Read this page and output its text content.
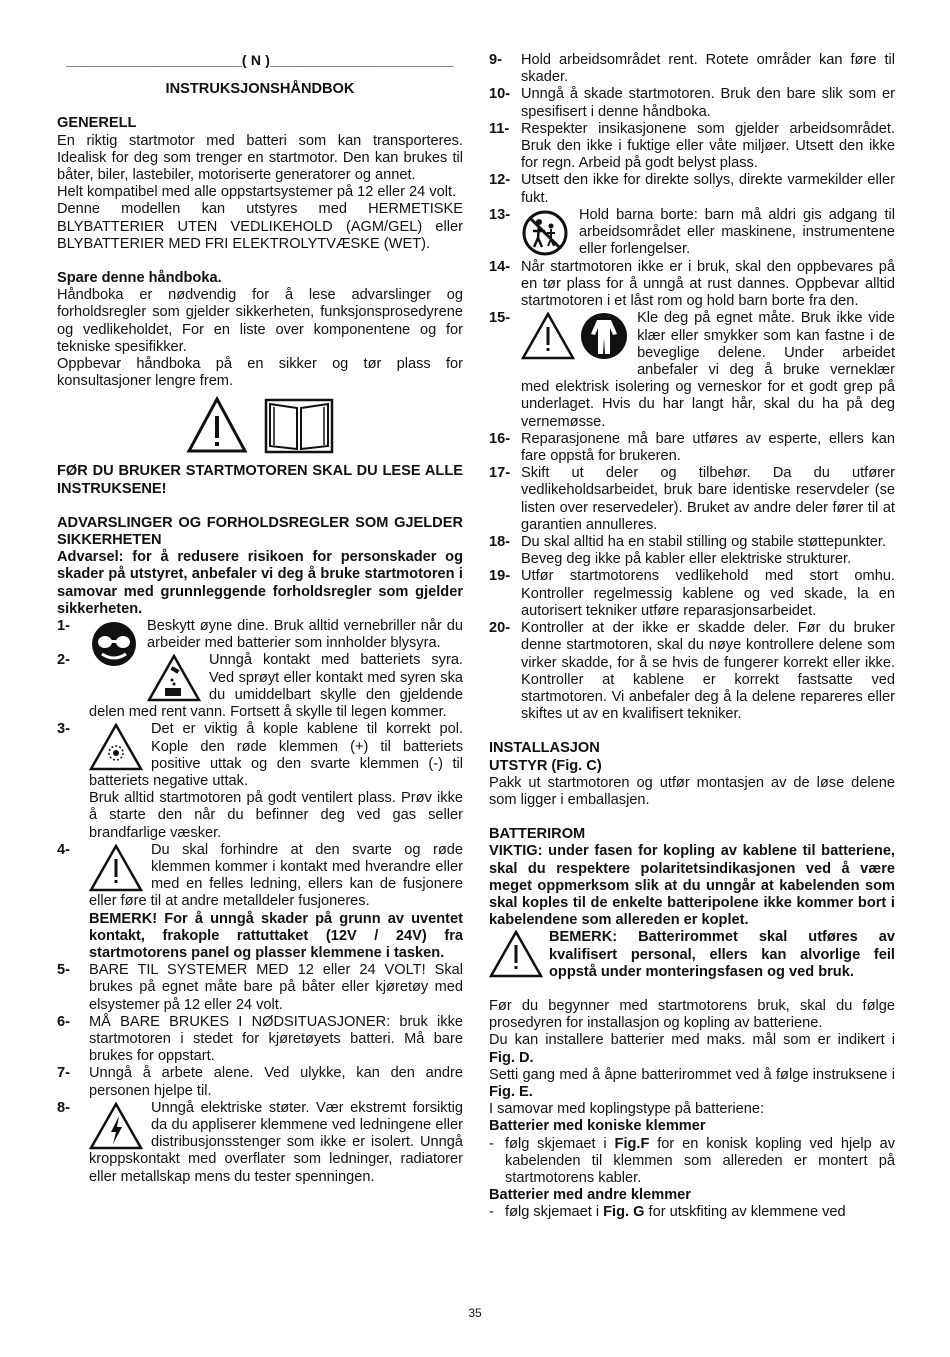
______________________( N )_______________________

INSTRUKSJONSHÅNDBOK

GENERELL

En riktig startmotor med batteri som kan transporteres. Idealisk for deg som trenger en startmotor. Den kan brukes til båter, biler, lastebiler, motoriserte generatorer og annet.

Helt kompatibel med alle oppstartsystemer på 12 eller 24 volt.

Denne modellen kan utstyres med HERMETISKE BLYBATTERIER UTEN VEDLIKEHOLD (AGM/GEL) eller BLYBATTERIER MED FRI ELEKTROLYTVÆSKE (WET).

Spare denne håndboka.

Håndboka er nødvendig for å lese advarslinger og forholdsregler som gjelder sikkerheten, funksjonsprosedyrene og vedlikeholdet, For en liste over komponentene og for tekniske spesifikker.

Oppbevar håndboka på en sikker og tør plass for konsultasjoner lengre frem.

FØR DU BRUKER STARTMOTOREN SKAL DU LESE ALLE INSTRUKSENE!

ADVARSLINGER OG FORHOLDSREGLER SOM GJELDER SIKKERHETEN

Advarsel: for å redusere risikoen for personskader og skader på utstyret, anbefaler vi deg å bruke startmotoren i samovar med grunnleggende forholdsregler som gjelder sikkerheten.

1-	Beskytt øyne dine. Bruk alltid vernebriller når du arbeider med batterier som innholder blysyra.

2-	Unngå kontakt med batteriets syra. Ved sprøyt eller kontakt med syren ska du umiddelbart skylle den gjeldende delen med rent vann. Fortsett å skylle til legen kommer.

3-	Det er viktig å kople kablene til korrekt pol. Kople den røde klemmen (+) til batteriets positive uttak og den svarte klemmen (-) til batteriets negative uttak.

Bruk alltid startmotoren på godt ventilert plass. Prøv ikke å starte den når du befinner deg ved gas seller brandfarlige væsker.

4-	Du skal forhindre at den svarte og røde klemmen kommer i kontakt med hverandre eller med en felles ledning, ellers kan de fusjonere eller føre til at andre metalldeler fusjoneres.

BEMERK! For å unngå skader på grunn av uventet kontakt, frakople rattuttaket (12V / 24V) fra startmotorens panel og plasser klemmene i tasken.

5- BARE TIL SYSTEMER MED 12 eller 24 VOLT! Skal brukes på egnet måte bare på båter eller kjøretøy med elsystemer på 12 eller 24 volt.

6- MÅ BARE BRUKES I NØDSITUASJONER: bruk ikke startmotoren i stedet for kjøretøyets batteri. Må bare brukes for oppstart.

7- Unngå å arbete alene. Ved ulykke, kan den andre personen hjelpe til.

8-	Unngå elektriske støter. Vær ekstremt forsiktig da du appliserer klemmene ved ledningene eller distribusjonsstenger som ikke er isolert. Unngå kroppskontakt med overflater som ledninger, radiatorer eller metallskap mens du tester spenningen.

9- Hold arbeidsområdet rent. Rotete områder kan føre til skader.

10- Unngå å skade startmotoren. Bruk den bare slik som er spesifisert i denne håndboka.

11- Respekter insikasjonene som gjelder arbeidsområdet. Bruk den ikke i fuktige eller våte miljøer. Utsett den ikke for regn. Arbeid på godt belyst plass.

12- Utsett den ikke for direkte sollys, direkte varmekilder eller fukt.

13-	Hold barna borte: barn må aldri gis adgang til arbeidsområdet eller maskinene, instrumentene eller forlengelser.

14- Når startmotoren ikke er i bruk, skal den oppbevares på en tør plass for å unngå at rust dannes. Oppbevar alltid startmotoren i et låst rom og hold barn borte fra den.

15-
	Kle deg på egnet måte. Bruk ikke vide klær eller smykker som kan fastne i de beveglige delene. Under arbeidet anbefaler vi deg å bruke verneklær med elektrisk isolering og verneskor for et godt grep på underlaget. Hvis du har langt hår, skal du ha på deg vernemøsse.

16- Reparasjonene må bare utføres av esperte, ellers kan fare oppstå for brukeren.

17- Skift ut deler og tilbehør. Da du utfører vedlikeholdsarbeidet, bruk bare identiske reservdeler (se listen over reservedeler). Bruket av andre deler fører til at garantien annulleres.

18- Du skal alltid ha en stabil stilling og stabile støttepunkter.

Beveg deg ikke på kabler eller elektriske strukturer.

19- Utfør startmotorens vedlikehold med stort omhu. Kontroller regelmessig kablene og ved skade, la en autorisert tekniker utføre reparasjonsarbeidet.

20- Kontroller at der ikke er skadde deler. Før du bruker denne startmotoren, skal du nøye kontrollere delene som virker skadde, for å se hvis de fungerer korrekt eller ikke. Kontroller at kablene er korrekt fastsatte ved startmotoren. Vi anbefaler deg å la delene repareres eller skiftes ut av en kvalifisert tekniker.

INSTALLASJON

UTSTYR (Fig. C)

Pakk ut startmotoren og utfør montasjen av de løse delene som ligger i emballasjen.

BATTERIROM

VIKTIG: under fasen for kopling av kablene til batteriene, skal du respektere polaritetsindikasjonen ved å være meget oppmerksom slik at du unngår at kabelenden som skal koples til de enkelte batteripolene ikke kommer bort i kabelendene som allereden er koplet.

BEMERK: Batterirommet skal utføres av kvalifisert personal, ellers kan alvorlige feil oppstå under monteringsfasen og ved bruk.

Før du begynner med startmotorens bruk, skal du følge prosedyren for installasjon og kopling av batteriene.

Du kan installere batterier med maks. mål som er indikert i Fig. D.

Setti gang med å åpne batterirommet ved å følge instruksene i Fig. E.

I samovar med koplingstype på batteriene:

Batterier med koniske klemmer

- følg skjemaet i Fig.F for en konisk kopling ved hjelp av kabelenden til klemmen som allereden er montert på startmotorens kabler.

Batterier med andre klemmer

- følg skjemaet i Fig. G for utskfiting av klemmene ved
35
